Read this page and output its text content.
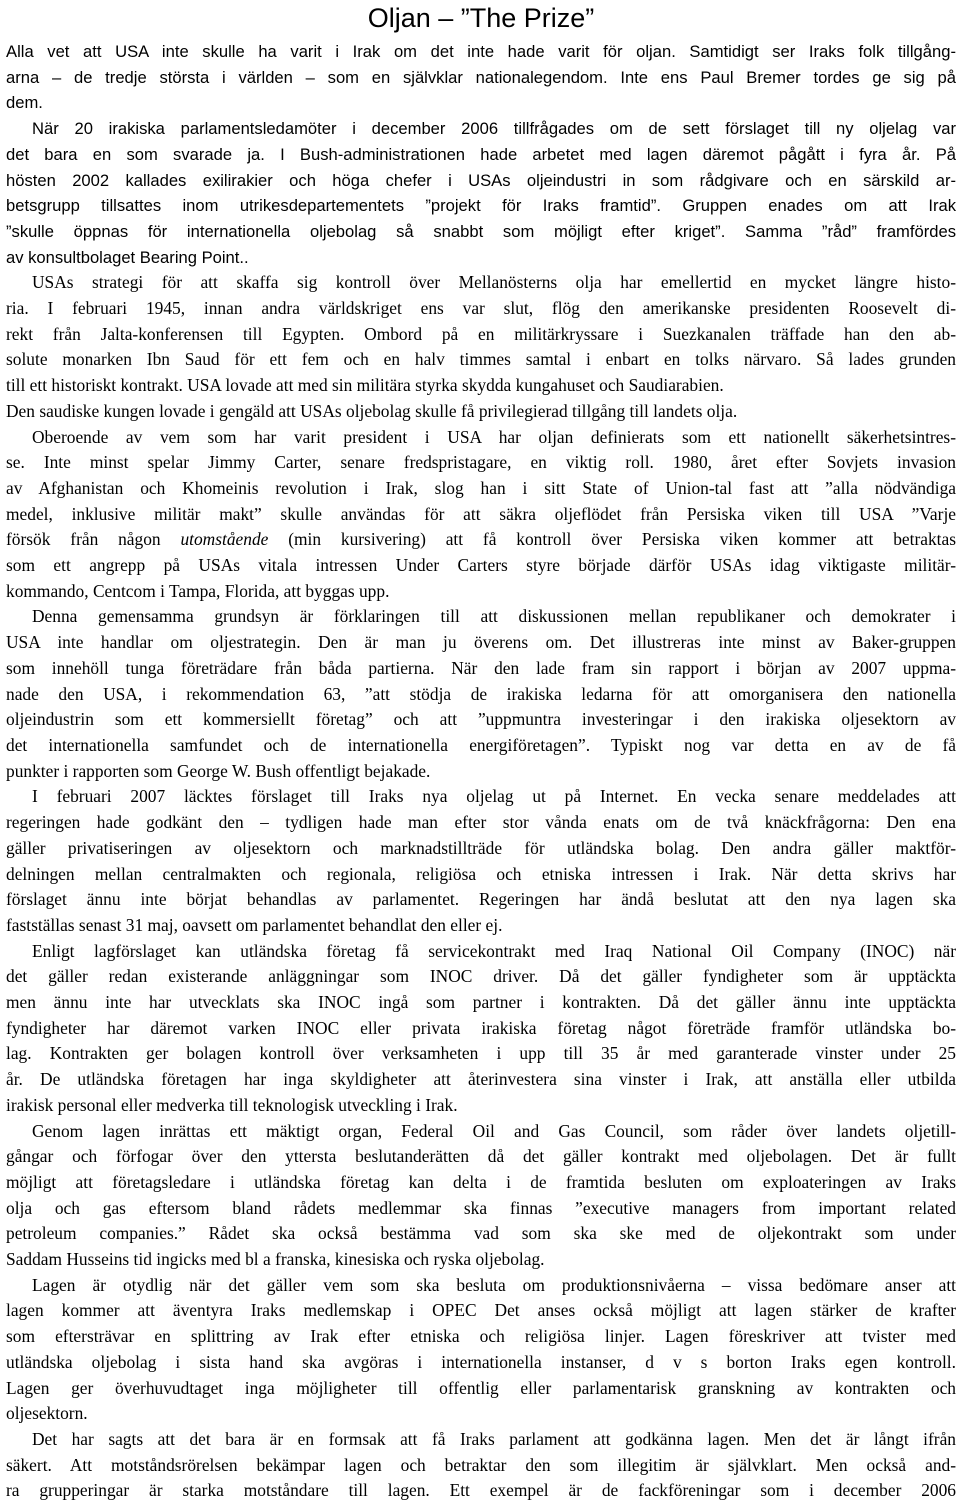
Oljan – ”The Prize”
Alla vet att USA inte skulle ha varit i Irak om det inte hade varit för oljan. Samtidigt ser Iraks folk tillgång-
arna – de tredje största i världen – som en självklar nationalegendom. Inte ens Paul Bremer tordes ge sig på
dem.
När 20 irakiska parlamentsledamöter i december 2006 tillfrågades om de sett förslaget till ny oljelag var
det bara en som svarade ja. I Bush-administrationen hade arbetet med lagen däremot pågått i fyra år. På
hösten 2002 kallades exilirakier och höga chefer i USAs oljeindustri in som rådgivare och en särskild ar-
betsgrupp tillsattes inom utrikesdepartementets ”projekt för Iraks framtid”. Gruppen enades om att Irak
”skulle öppnas för internationella oljebolag så snabbt som möjligt efter kriget”. Samma ”råd” framfördes
av konsultbolaget Bearing Point..
USAs strategi för att skaffa sig kontroll över Mellanösterns olja har emellertid en mycket längre histo-
ria. I februari 1945, innan andra världskriget ens var slut, flög den amerikanske presidenten Roosevelt di-
rekt från Jalta-konferensen till Egypten. Ombord på en militärkryssare i Suezkanalen träffade han den ab-
solute monarken Ibn Saud för ett fem och en halv timmes samtal i enbart en tolks närvaro. Så lades grunden
till ett historiskt kontrakt. USA lovade att med sin militära styrka skydda kungahuset och Saudiarabien.
Den saudiske kungen lovade i gengäld att USAs oljebolag skulle få privilegierad tillgång till landets olja.
Oberoende av vem som har varit president i USA har oljan definierats som ett nationellt säkerhetsintres-
se. Inte minst spelar Jimmy Carter, senare fredspristagare, en viktig roll. 1980, året efter Sovjets invasion
av Afghanistan och Khomeinis revolution i Irak, slog han i sitt State of Union-tal fast att ”alla nödvändiga
medel, inklusive militär makt” skulle användas för att säkra oljeflödet från Persiska viken till USA ”Varje
försök från någon utomstående (min kursivering) att få kontroll över Persiska viken kommer att betraktas
som ett angrepp på USAs vitala intressen Under Carters styre började därför USAs idag viktigaste militär-
kommando, Centcom i Tampa, Florida, att byggas upp.
Denna gemensamma grundsyn är förklaringen till att diskussionen mellan republikaner och demokrater i
USA inte handlar om oljestrategin. Den är man ju överens om. Det illustreras inte minst av Baker-gruppen
som innehöll tunga företrädare från båda partierna. När den lade fram sin rapport i början av 2007 uppma-
nade den USA, i rekommendation 63, ”att stödja de irakiska ledarna för att omorganisera den nationella
oljeindustrin som ett kommersiellt företag” och att ”uppmuntra investeringar i den irakiska oljesektorn av
det internationella samfundet och de internationella energiföretagen”. Typiskt nog var detta en av de få
punkter i rapporten som George W. Bush offentligt bejakade.
I februari 2007 läcktes förslaget till Iraks nya oljelag ut på Internet. En vecka senare meddelades att
regeringen hade godkänt den – tydligen hade man efter stor vånda enats om de två knäckfrågorna: Den ena
gäller privatiseringen av oljesektorn och marknadstillträde för utländska bolag. Den andra gäller maktför-
delningen mellan centralmakten och regionala, religiösa och etniska intressen i Irak. När detta skrivs har
förslaget ännu inte börjat behandlas av parlamentet. Regeringen har ändå beslutat att den nya lagen ska
fastställas senast 31 maj, oavsett om parlamentet behandlat den eller ej.
Enligt lagförslaget kan utländska företag få servicekontrakt med Iraq National Oil Company (INOC) när
det gäller redan existerande anläggningar som INOC driver. Då det gäller fyndigheter som är upptäckta
men ännu inte har utvecklats ska INOC ingå som partner i kontrakten. Då det gäller ännu inte upptäckta
fyndigheter har däremot varken INOC eller privata irakiska företag något företräde framför utländska bo-
lag. Kontrakten ger bolagen kontroll över verksamheten i upp till 35 år med garanterade vinster under 25
år. De utländska företagen har inga skyldigheter att återinvestera sina vinster i Irak, att anställa eller utbilda
irakisk personal eller medverka till teknologisk utveckling i Irak.
Genom lagen inrättas ett mäktigt organ, Federal Oil and Gas Council, som råder över landets oljetill-
gångar och förfogar över den yttersta beslutanderätten då det gäller kontrakt med oljebolagen. Det är fullt
möjligt att företagsledare i utländska företag kan delta i de framtida besluten om exploateringen av Iraks
olja och gas eftersom bland rådets medlemmar ska finnas ”executive managers from important related
petroleum companies.” Rådet ska också bestämma vad som ska ske med de oljekontrakt som under
Saddam Husseins tid ingicks med bl a franska, kinesiska och ryska oljebolag.
Lagen är otydlig när det gäller vem som ska besluta om produktionsnivåerna – vissa bedömare anser att
lagen kommer att äventyra Iraks medlemskap i OPEC Det anses också möjligt att lagen stärker de krafter
som eftersträvar en splittring av Irak efter etniska och religiösa linjer. Lagen föreskriver att tvister med
utländska oljebolag i sista hand ska avgöras i internationella instanser, d v s borton Iraks egen kontroll.
Lagen ger överhuvudtaget inga möjligheter till offentlig eller parlamentarisk granskning av kontrakten och
oljesektorn.
Det har sagts att det bara är en formsak att få Iraks parlament att godkänna lagen. Men det är långt ifrån
säkert. Att motståndsrörelsen bekämpar lagen och betraktar den som illegitim är självklart. Men också and-
ra grupperingar är starka motståndare till lagen. Ett exempel är de fackföreningar som i december 2006
